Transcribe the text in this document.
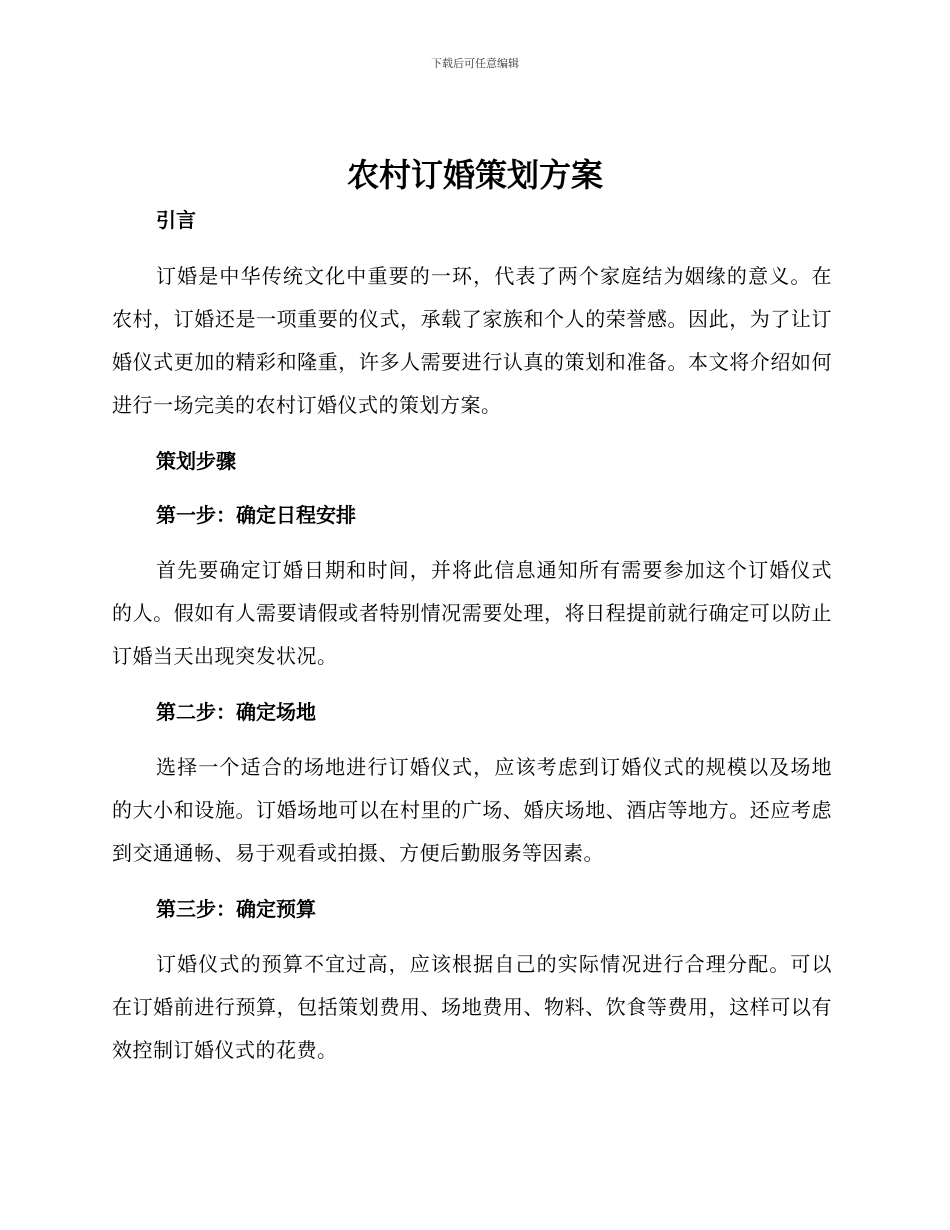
下载后可任意编辑
农村订婚策划方案

引言

订婚是中华传统文化中重要的一环，代表了两个家庭结为姻缘的意义。在农村，订婚还是一项重要的仪式，承载了家族和个人的荣誉感。因此，为了让订婚仪式更加的精彩和隆重，许多人需要进行认真的策划和准备。本文将介绍如何进行一场完美的农村订婚仪式的策划方案。

策划步骤

第一步：确定日程安排

首先要确定订婚日期和时间，并将此信息通知所有需要参加这个订婚仪式的人。假如有人需要请假或者特别情况需要处理，将日程提前就行确定可以防止订婚当天出现突发状况。

第二步：确定场地

选择一个适合的场地进行订婚仪式，应该考虑到订婚仪式的规模以及场地的大小和设施。订婚场地可以在村里的广场、婚庆场地、酒店等地方。还应考虑到交通通畅、易于观看或拍摄、方便后勤服务等因素。

第三步：确定预算

订婚仪式的预算不宜过高，应该根据自己的实际情况进行合理分配。可以在订婚前进行预算，包括策划费用、场地费用、物料、饮食等费用，这样可以有效控制订婚仪式的花费。
